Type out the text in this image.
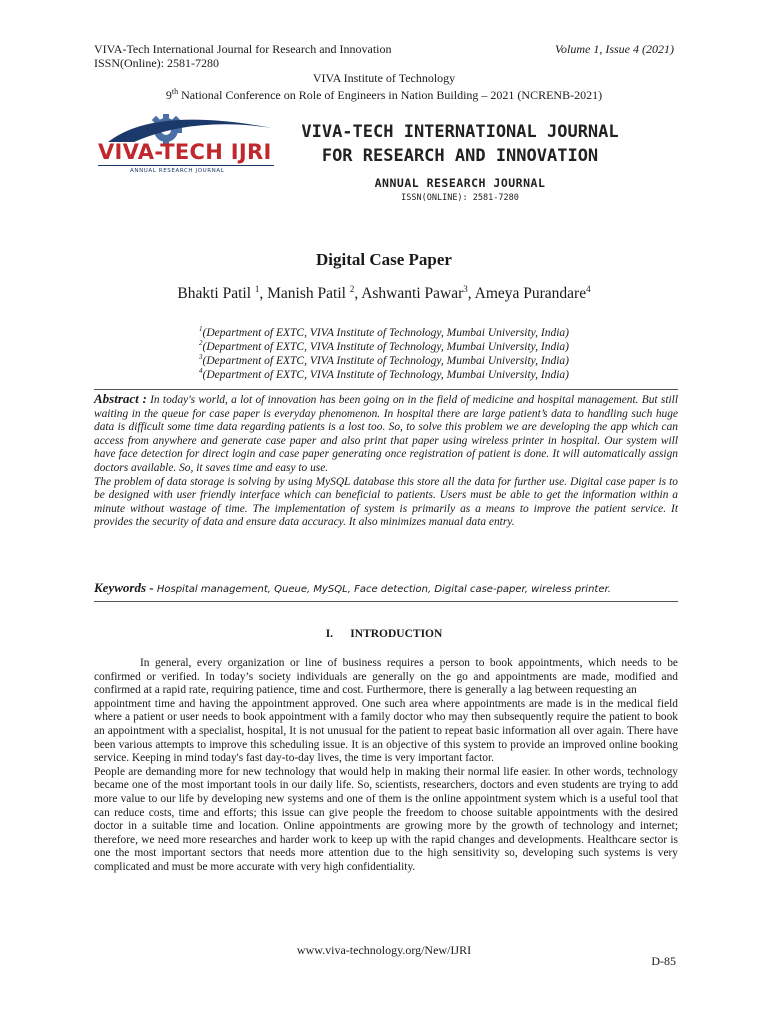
VIVA-Tech International Journal for Research and Innovation	Volume 1, Issue 4 (2021)
ISSN(Online): 2581-7280
VIVA Institute of Technology
9th National Conference on Role of Engineers in Nation Building – 2021 (NCRENB-2021)
VIVA-TECH IJRI
ANNUAL RESEARCH JOURNAL
VIVA-TECH INTERNATIONAL JOURNAL
FOR RESEARCH AND INNOVATION
ANNUAL RESEARCH JOURNAL
ISSN(ONLINE): 2581-7280
Digital Case Paper
Bhakti Patil $^1$, Manish Patil $^2$, Ashwanti Pawar$^3$, Ameya Purandare$^4$
$^1$(Department of EXTC, VIVA Institute of Technology, Mumbai University, India)
$^2$(Department of EXTC, VIVA Institute of Technology, Mumbai University, India)
$^3$(Department of EXTC, VIVA Institute of Technology, Mumbai University, India)
$^4$(Department of EXTC, VIVA Institute of Technology, Mumbai University, India)

Abstract : In today's world, a lot of innovation has been going on in the field of medicine and hospital management. But still waiting in the queue for case paper is everyday phenomenon. In hospital there are large patient’s data to handling such huge data is difficult some time data regarding patients is a lost too. So, to solve this problem we are developing the app which can access from anywhere and generate case paper and also print that paper using wireless printer in hospital. Our system will have face detection for direct login and case paper generating once registration of patient is done. It will automatically assign doctors available. So, it saves time and easy to use.

The problem of data storage is solving by using MySQL database this store all the data for further use. Digital case paper is to be designed with user friendly interface which can beneficial to patients. Users must be able to get the information within a minute without wastage of time. The implementation of system is primarily as a means to improve the patient service. It provides the security of data and ensure data accuracy. It also minimizes manual data entry.

Keywords - Hospital management, Queue, MySQL, Face detection, Digital case-paper, wireless printer.
I. INTRODUCTION

In general, every organization or line of business requires a person to book appointments, which needs to be confirmed or verified. In today’s society individuals are generally on the go and appointments are made, modified and confirmed at a rapid rate, requiring patience, time and cost. Furthermore, there is generally a lag between requesting an

appointment time and having the appointment approved. One such area where appointments are made is in the medical field where a patient or user needs to book appointment with a family doctor who may then subsequently require the patient to book an appointment with a specialist, hospital, It is not unusual for the patient to repeat basic information all over again. There have been various attempts to improve this scheduling issue. It is an objective of this system to provide an improved online booking service. Keeping in mind today's fast day-to-day lives, the time is very important factor.

People are demanding more for new technology that would help in making their normal life easier. In other words, technology became one of the most important tools in our daily life. So, scientists, researchers, doctors and even students are trying to add more value to our life by developing new systems and one of them is the online appointment system which is a useful tool that can reduce costs, time and efforts; this issue can give people the freedom to choose suitable appointments with the desired doctor in a suitable time and location. Online appointments are growing more by the growth of technology and internet; therefore, we need more researches and harder work to keep up with the rapid changes and developments. Healthcare sector is one the most important sectors that needs more attention due to the high sensitivity so, developing such systems is very complicated and must be more accurate with very high confidentiality.

www.viva-technology.org/New/IJRI
D-85
